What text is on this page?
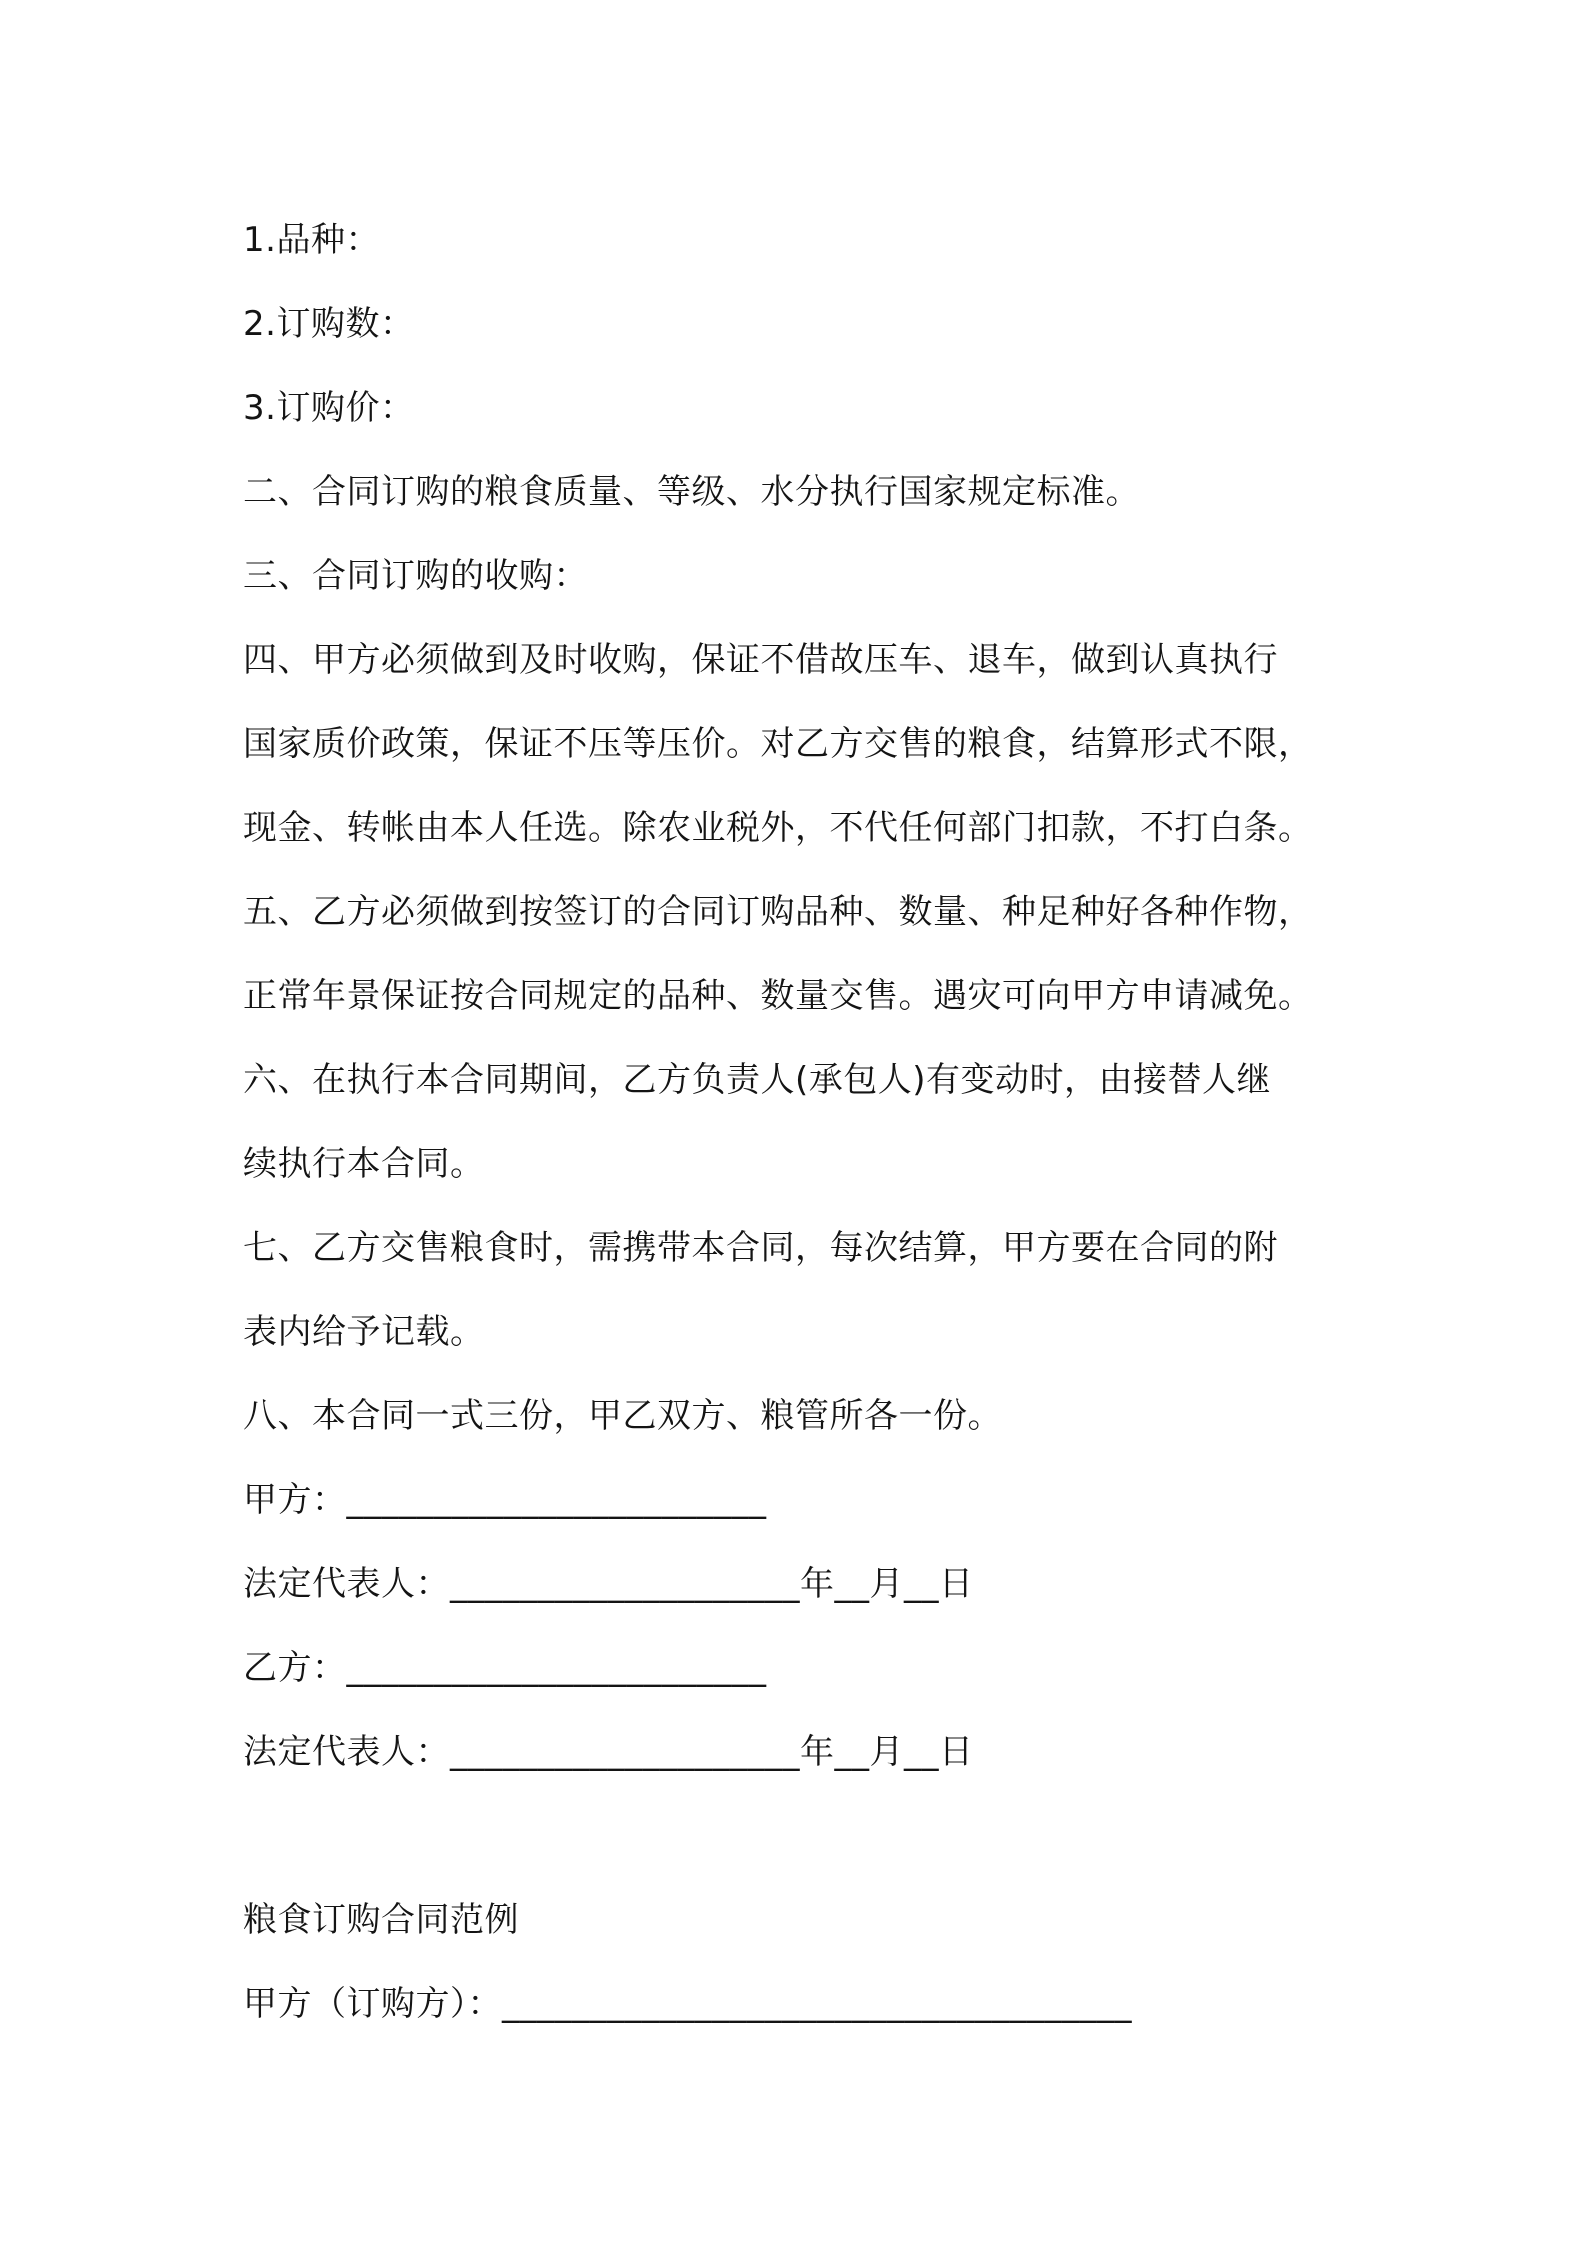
1.品种：
2.订购数：
3.订购价：
二、合同订购的粮食质量、等级、水分执行国家规定标准。
三、合同订购的收购：
四、甲方必须做到及时收购，保证不借故压车、退车，做到认真执行
国家质价政策，保证不压等压价。对乙方交售的粮食，结算形式不限，
现金、转帐由本人任选。除农业税外，不代任何部门扣款，不打白条。
五、乙方必须做到按签订的合同订购品种、数量、种足种好各种作物，
正常年景保证按合同规定的品种、数量交售。遇灾可向甲方申请减免。
六、在执行本合同期间，乙方负责人(承包人)有变动时，由接替人继
续执行本合同。
七、乙方交售粮食时，需携带本合同，每次结算，甲方要在合同的附
表内给予记载。
八、本合同一式三份，甲乙双方、粮管所各一份。
甲方：________________________
法定代表人：____________________年__月__日
乙方：________________________
法定代表人：____________________年__月__日
粮食订购合同范例
甲方（订购方）：____________________________________
